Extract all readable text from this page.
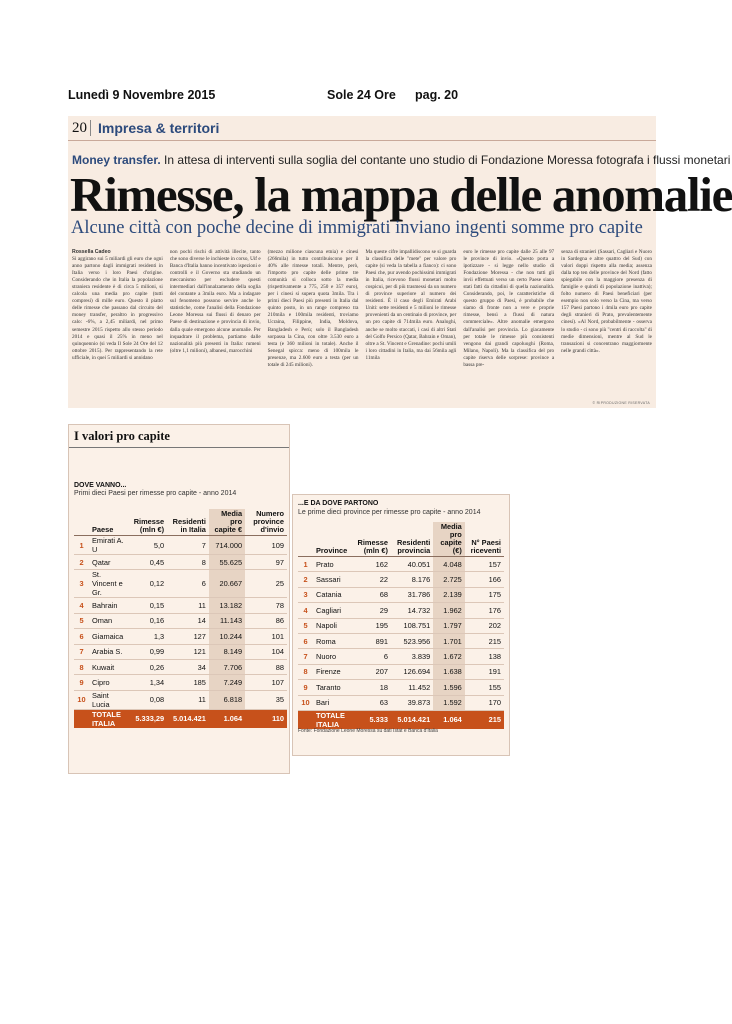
Lunedì 9 Novembre 2015	Sole 24 Ore pag. 20
20 Impresa & territori
Money transfer. In attesa di interventi sulla soglia del contante uno studio di Fondazione Moressa fotografa i flussi monetari
Rimesse, la mappa delle anomalie
Alcune città con poche decine di immigrati inviano ingenti somme pro capite
Rossella Cadeo
Si aggirano sui 5 miliardi gli euro che ogni anno partono dagli immigrati residenti in Italia verso i loro Paesi d'origine. Considerando che in Italia la popolazione straniera residente è di circa 5 milioni, si calcola una media pro capite (tutti compresi) di mille euro. Questo il piatto delle rimesse che passano dal circuito del money transfer, peraltro in progressivo calo: -6%, a 2,45 miliardi, nel primo semestre 2015 rispetto allo stesso periodo 2014 e quasi il 25% in meno nel quinquennio (si veda Il Sole 24 Ore del 12 ottobre 2015). Per rappresentando la rete ufficiale, in quei 5 miliardi si annidano
non pochi rischi di attività illecite, tanto che sono diverse le inchieste in corso, Uif e Banca d'Italia hanno incentivato ispezioni e controlli e il Governo sta studiando un meccanismo per escludere questi intermediari dall'innalzamento della soglia del contante a 3mila euro. Ma a indagare sul fenomeno possono servire anche le statistiche, come l'analisi della Fondazione Leone Moressa sui flussi di denaro per Paese di destinazione e provincia di invio, dalla quale emergono alcune anomalie. Per inquadrare il problema, partiamo dalle nazionalità più presenti in Italia: rumeni (oltre 1,1 milioni), albanesi, marocchini
(mezzo milione ciascuna etnia) e cinesi (266mila) in tutto contribuiscono per il 40% alle rimesse totali. Mentre, però, l'importo pro capite delle prime tre comunità si colloca sotto la media (rispettivamente a 775, 250 e 357 euro), per i cinesi si supera quota 3mila. Tra i primi dieci Paesi più presenti in Italia dal quinto posto, in un range compreso tra 210mila e 100mila residenti, troviamo Ucraina, Filippine, India, Moldova, Bangladesh e Perù; solo il Bangladesh sorpassa la Cina, con oltre 3.530 euro a testa (e 360 milioni in totale). Anche il Senegal spicca: meno di 100mila le presenze, ma 2.600 euro a testa (per un totale di 245 milioni).
Ma queste cifre impallidiscono se si guarda la classifica delle "mete" per valore pro capite (si veda la tabella a fianco): ci sono Paesi che, pur avendo pochissimi immigrati in Italia, ricevono flussi monetari molto cospicui, per di più trasmessi da un numero di province superiore al numero dei residenti. È il caso degli Emirati Arabi Uniti: sette residenti e 5 milioni le rimesse provenienti da un centinaio di province, per un pro capite di 714mila euro. Analoghi, anche se molto staccati, i casi di altri Stati del Golfo Persico (Qatar, Bahrain e Oman), oltre a St. Vincent e Grenadine: pochi umili i loro cittadini in Italia, ma dai 56mila agli 11mila
euro le rimesse pro capite dalle 25 alle 97 le province di invio. «Questo porta a ipotizzare - si legge nello studio di Fondazione Moressa - che non tutti gli invii effettuati verso un certo Paese siano stati fatti da cittadini di quella nazionalità. Considerando, poi, le caratteristiche di questo gruppo di Paesi, è probabile che siamo di fronte non a vere e proprie rimesse, bensì a flussi di natura commerciale». Altre anomalie emergono dall'analisi per provincia. Lo giacamente per totale le rimesse più consistenti vengono dai grandi capoluoghi (Roma, Milano, Napoli). Ma la classifica del pro capite riserva delle sorprese: province a bassa pre-
senza di stranieri (Sassari, Cagliari e Nuoro in Sardegna e altre quattro del Sud) con valori doppi rispetto alla media; assenza dalla top ten delle province del Nord (fatto spiegabile con la maggiore presenza di famiglie e quindi di popolazione inattiva); folto numero di Paesi beneficiari (per esempio non solo verso la Cina, ma verso 157 Paesi partono i 4mila euro pro capite degli stranieri di Prato, prevalentemente cinesi). «Al Nord, probabilmente - osserva lo studio - ci sono più "centri di raccolta" di medie dimensioni, mentre al Sud le transazioni si concentrano maggiormente nelle grandi città».
© RIPRODUZIONE RISERVATA
I valori pro capite
DOVE VANNO...
Primi dieci Paesi per rimesse pro capite - anno 2014
	Paese	Rimesse (mln €)	Residenti in Italia	Media pro capite €	Numero province d'invio
1	Emirati A. U	5,0	7	714.000	109
2	Qatar	0,45	8	55.625	97
3	St. Vincent e Gr.	0,12	6	20.667	25
4	Bahrain	0,15	11	13.182	78
5	Oman	0,16	14	11.143	86
6	Giamaica	1,3	127	10.244	101
7	Arabia S.	0,99	121	8.149	104
8	Kuwait	0,26	34	7.706	88
9	Cipro	1,34	185	7.249	107
10	Saint Lucia	0,08	11	6.818	35
	TOTALE ITALIA	5.333,29	5.014.421	1.064	110
...E DA DOVE PARTONO
Le prime dieci province per rimesse pro capite - anno 2014
	Province	Rimesse (mln €)	Residenti provincia	Media pro capite (€)	N° Paesi riceventi
1	Prato	162	40.051	4.048	157
2	Sassari	22	8.176	2.725	166
3	Catania	68	31.786	2.139	175
4	Cagliari	29	14.732	1.962	176
5	Napoli	195	108.751	1.797	202
6	Roma	891	523.956	1.701	215
7	Nuoro	6	3.839	1.672	138
8	Firenze	207	126.694	1.638	191
9	Taranto	18	11.452	1.596	155
10	Bari	63	39.873	1.592	170
	TOTALE ITALIA	5.333	5.014.421	1.064	215
Fonte: Fondazione Leone Moressa su dati Istat e Banca d'Italia
